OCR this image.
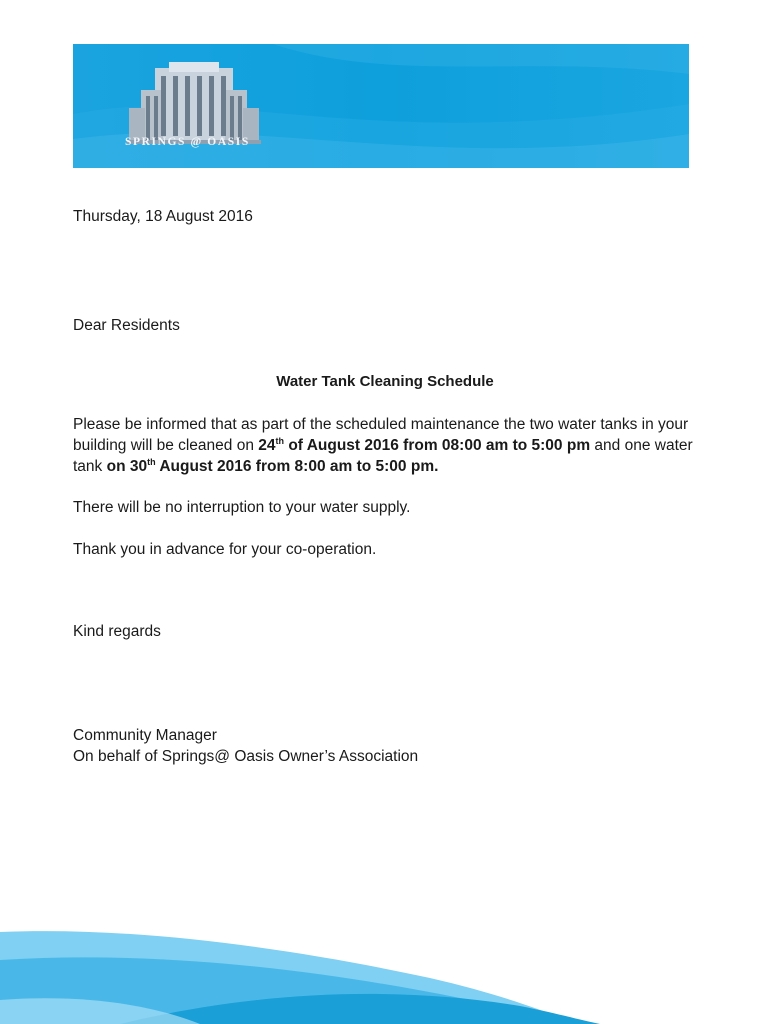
SPRINGS @ OASIS
Thursday, 18 August 2016
Dear Residents
Water Tank Cleaning Schedule
Please be informed that as part of the scheduled maintenance the two water tanks in your building will be cleaned on 24th of August 2016 from 08:00 am to 5:00 pm and one water tank on 30th August 2016 from 8:00 am to 5:00 pm.
There will be no interruption to your water supply.
Thank you in advance for your co-operation.
Kind regards
Community Manager
On behalf of Springs@ Oasis Owner’s Association
